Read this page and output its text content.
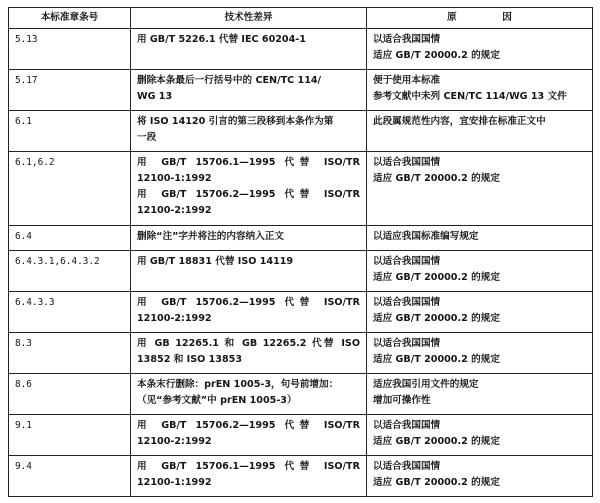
本标准章条号	技术性差异	原　因
5.13	用 GB/T 5226.1 代替 IEC 60204-1	以适合我国国情
适应 GB/T 20000.2 的规定

5.17	删除本条最后一行括号中的 CEN/TC 114/
WG 13	便于使用本标准
参考文献中未列 CEN/TC 114/WG 13 文件

6.1	将 ISO 14120 引言的第三段移到本条作为第
一段	此段属规范性内容，宜安排在标准正文中

6.1,6.2	用 GB/T 15706.1—1995 代替 ISO/TR
12100-1:1992
用 GB/T 15706.2—1995 代替 ISO/TR
12100-2:1992	以适合我国国情
适应 GB/T 20000.2 的规定

6.4	删除“注”字并将注的内容纳入正文	以适应我国标准编写规定

6.4.3.1,6.4.3.2	用 GB/T 18831 代替 ISO 14119	以适合我国国情
适应 GB/T 20000.2 的规定

6.4.3.3	用 GB/T 15706.2—1995 代替 ISO/TR
12100-2:1992	以适合我国国情
适应 GB/T 20000.2 的规定

8.3	用 GB 12265.1 和 GB 12265.2 代替 ISO
13852 和 ISO 13853	以适合我国国情
适应 GB/T 20000.2 的规定

8.6	本条末行删除：prEN 1005-3，句号前增加：
（见“参考文献”中 prEN 1005-3）	适应我国引用文件的规定
增加可操作性

9.1	用 GB/T 15706.2—1995 代替 ISO/TR
12100-2:1992	以适合我国国情
适应 GB/T 20000.2 的规定

9.4	用 GB/T 15706.1—1995 代替 ISO/TR
12100-1:1992	以适合我国国情
适应 GB/T 20000.2 的规定
